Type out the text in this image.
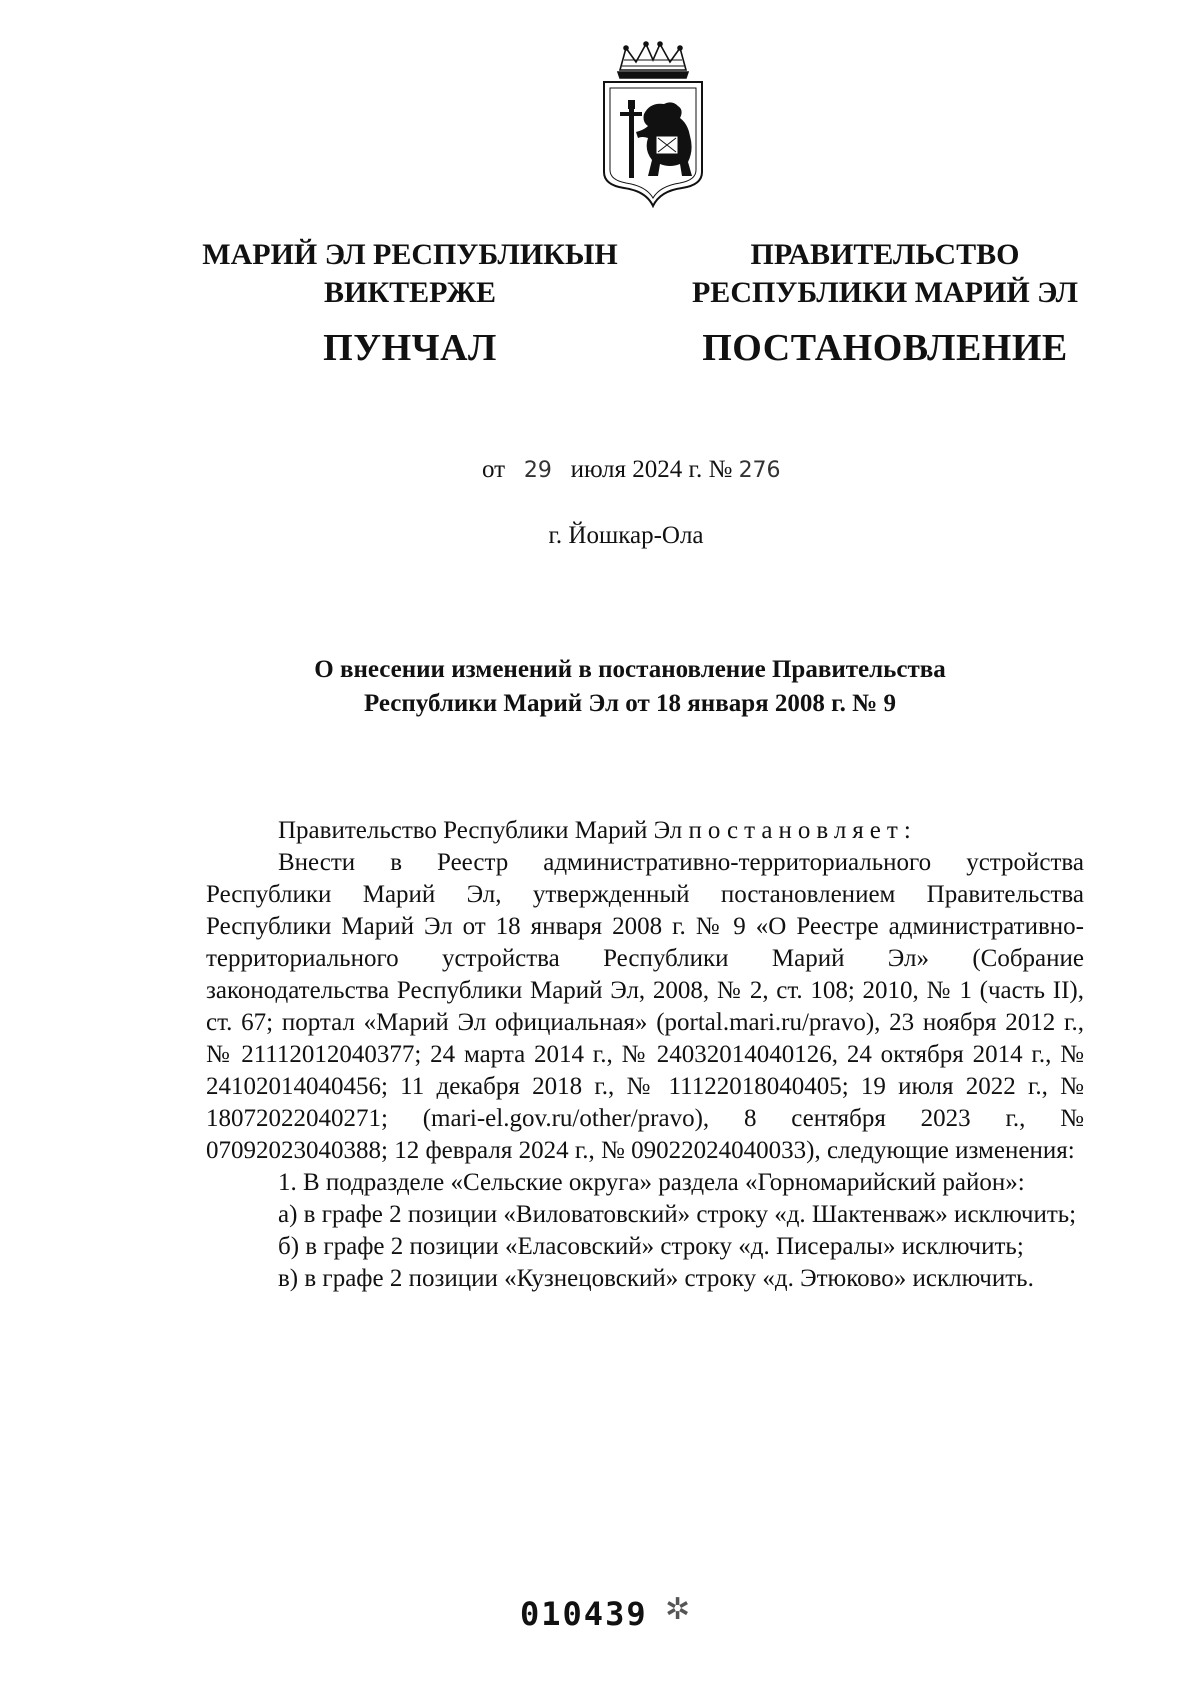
МАРИЙ ЭЛ РЕСПУБЛИКЫН
ВИКТЕРЖЕ
ПУНЧАЛ
ПРАВИТЕЛЬСТВО
РЕСПУБЛИКИ МАРИЙ ЭЛ
ПОСТАНОВЛЕНИЕ
от 29 июля 2024 г. № 276
г. Йошкар-Ола
О внесении изменений в постановление Правительства
Республики Марий Эл от 18 января 2008 г. № 9

Правительство Республики Марий Эл постановляет:

Внести в Реестр административно-территориального устройства

Республики Марий Эл, утвержденный постановлением Правительства Республики Марий Эл от 18 января 2008 г. № 9 «О Реестре административно-территориального устройства Республики Марий Эл» (Собрание законодательства Республики Марий Эл, 2008, № 2, ст. 108; 2010, № 1 (часть II), ст. 67; портал «Марий Эл официальная» (portal.mari.ru/pravo), 23 ноября 2012 г., № 21112012040377; 24 марта 2014 г., № 24032014040126, 24 октября 2014 г., № 24102014040456; 11 декабря 2018 г., № 11122018040405; 19 июля 2022 г., № 18072022040271; (mari-el.gov.ru/other/pravo), 8 сентября 2023 г., № 07092023040388; 12 февраля 2024 г., № 09022024040033), следующие изменения:

1. В подразделе «Сельские округа» раздела «Горномарийский район»:

а) в графе 2 позиции «Виловатовский» строку «д. Шактенваж» исключить;

б) в графе 2 позиции «Еласовский» строку «д. Писералы» исключить;

в) в графе 2 позиции «Кузнецовский» строку «д. Этюково» исключить.

010439 ✲
